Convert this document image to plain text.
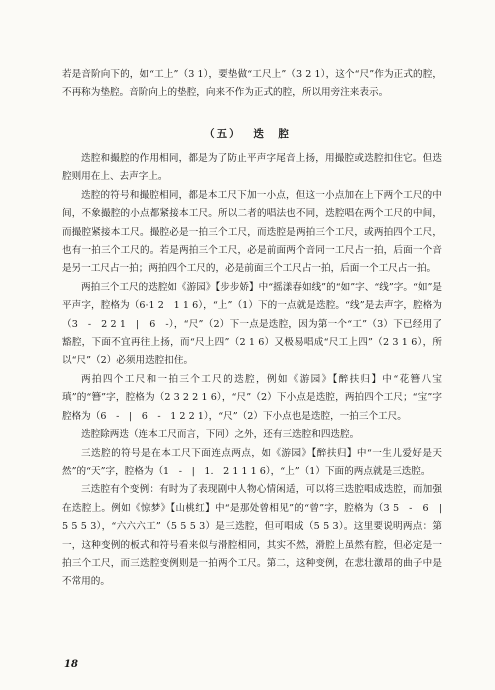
若是音阶向下的，如“工上”（3 1），要垫做“工尺上”（3 2 1），这个“尺”作为正式的腔，不再称为垫腔。音阶向上的垫腔，向来不作为正式的腔，所以用旁注来表示。

（五） 迭　腔

迭腔和撮腔的作用相同，都是为了防止平声字尾音上扬，用撮腔或迭腔扣住它。但迭腔则用在上、去声字上。

迭腔的符号和撮腔相同，都是本工尺下加一小点，但这一小点加在上下两个工尺的中间，不象撮腔的小点都紧接本工尺。所以二者的唱法也不同，迭腔唱在两个工尺的中间，而撮腔紧接本工尺。撮腔必是一拍三个工尺，而迭腔是两拍三个工尺，或两拍四个工尺，也有一拍三个工尺的。若是两拍三个工尺，必是前面两个音同一工尺占一拍，后面一个音是另一工尺占一拍；两拍四个工尺的，必是前面三个工尺占一拍，后面一个工尺占一拍。

两拍三个工尺的迭腔如《游园》【步步娇】中“摇漾春如线”的“如”字、“线”字。“如”是平声字，腔格为（6·1 2　1 1 6），“上”（1）下的一点就是迭腔。“线”是去声字，腔格为（3　-　2 2 1　|　6　-），“尺”（2）下一点是迭腔，因为第一个“工”（3）下已经用了豁腔，下面不宜再往上扬，而“尺上四”（2 1 6）又极易唱成“尺工上四”（2 3 1 6），所以“尺”（2）必须用迭腔扣住。

两拍四个工尺和一拍三个工尺的迭腔，例如《游园》【醉扶归】中“花簪八宝瑱”的“簪”字，腔格为（2 3 2 2 1 6），“尺”（2）下小点是迭腔，两拍四个工尺；“宝”字腔格为（6　-　|　6　-　1 2 2 1），“尺”（2）下小点也是迭腔，一拍三个工尺。

迭腔除两迭（连本工尺而言，下同）之外，还有三迭腔和四迭腔。

三迭腔的符号是在本工尺下面连点两点，如《游园》【醉扶归】中“一生儿爱好是天然”的“天”字，腔格为（1　-　|　1.　2 1 1 1 6），“上”（1）下面的两点就是三迭腔。

三迭腔有个变例：有时为了表现剧中人物心情闲适，可以将三迭腔唱成迭腔，而加强在迭腔上。例如《惊梦》【山桃红】中“是那处曾相见”的“曾”字，腔格为（3 5　-　6　|　5 5 5 3），“六六六工”（5 5 5 3）是三迭腔，但可唱成（5 5 3）。这里要说明两点：第一，这种变例的板式和符号看来似与滑腔相同，其实不然，滑腔上虽然有腔，但必定是一拍三个工尺，而三迭腔变例则是一拍两个工尺。第二，这种变例，在悲壮激昂的曲子中是不常用的。

18
